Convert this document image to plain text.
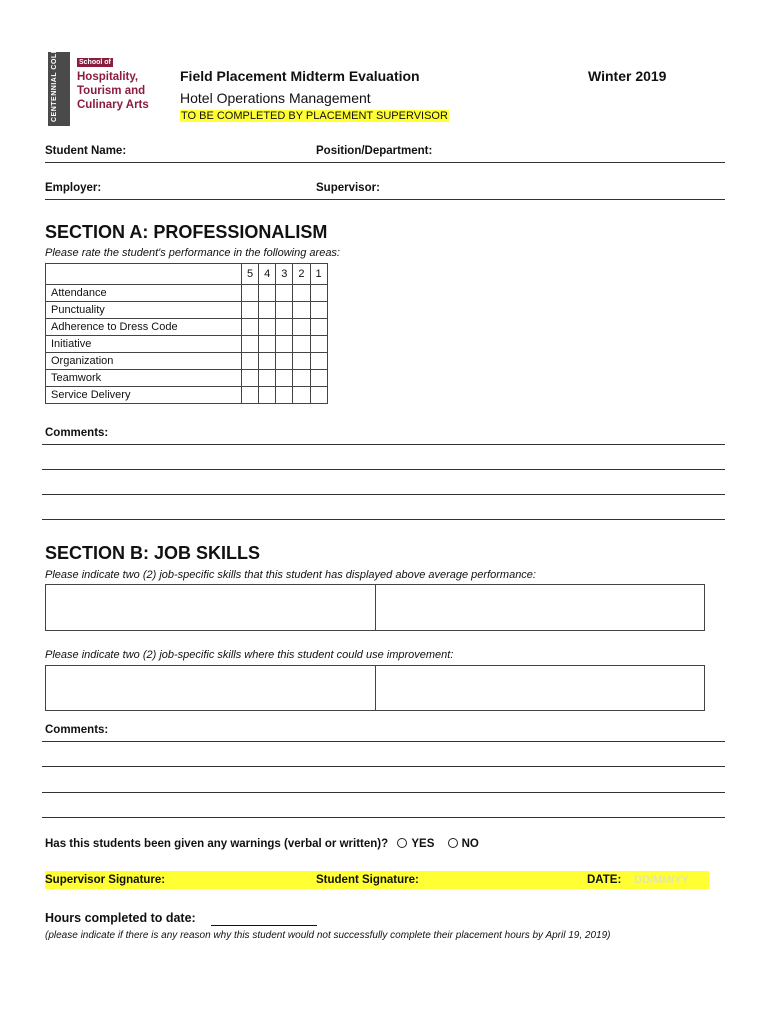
CENTENNIAL COLLEGE	School of
Hospitality, Tourism and Culinary Arts
Field Placement Midterm Evaluation
Hotel Operations Management
TO BE COMPLETED BY PLACEMENT SUPERVISOR
Winter 2019
Student Name:	Position/Department:
Employer:	Supervisor:
SECTION A: PROFESSIONALISM
Please rate the student's performance in the following areas:
	5	4	3	2	1
Attendance					
Punctuality					
Adherence to Dress Code					
Initiative					
Organization					
Teamwork					
Service Delivery					
Comments:
SECTION B: JOB SKILLS
Please indicate two (2) job-specific skills that this student has displayed above average performance:
Please indicate two (2) job-specific skills where this student could use improvement:
Comments:
Has this students been given any warnings (verbal or written)? YES NO
Supervisor Signature:	Student Signature:	DATE: DD/MM/YY
Hours completed to date:
(please indicate if there is any reason why this student would not successfully complete their placement hours by April 19, 2019)
